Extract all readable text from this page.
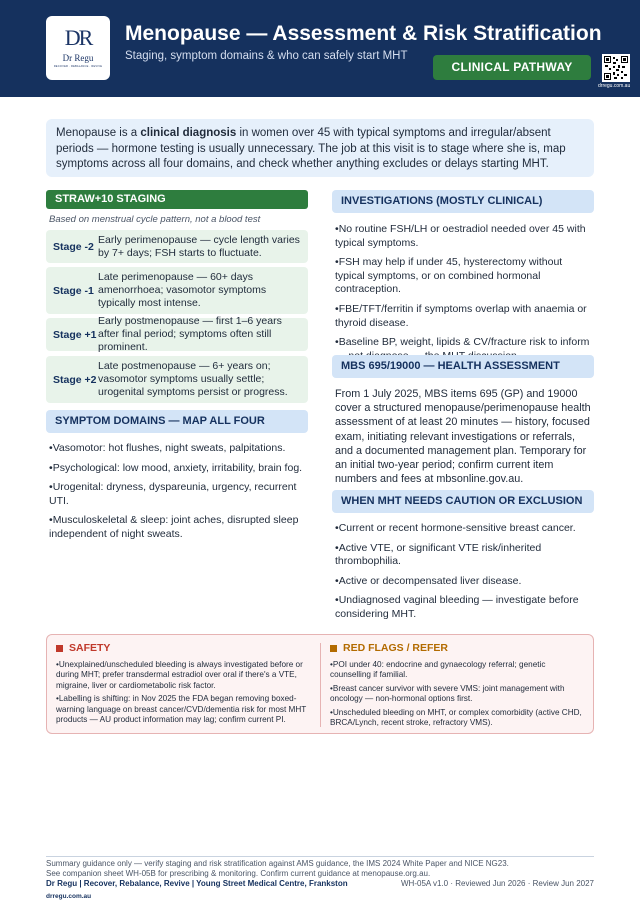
DR
Dr Regu
RECOVER · REBALANCE · REVIVE
Menopause — Assessment & Risk Stratification
Staging, symptom domains & who can safely start MHT
CLINICAL PATHWAY
drregu.com.au
Menopause is a clinical diagnosis in women over 45 with typical symptoms and irregular/absent periods — hormone testing is usually unnecessary. The job at this visit is to stage where she is, map symptoms across all four domains, and check whether anything excludes or delays starting MHT.
STRAW+10 STAGING
Based on menstrual cycle pattern, not a blood test
Stage -2
Early perimenopause — cycle length varies by 7+ days; FSH starts to fluctuate.
Stage -1
Late perimenopause — 60+ days amenorrhoea; vasomotor symptoms typically most intense.
Stage +1
Early postmenopause — first 1–6 years after final period; symptoms often still prominent.
Stage +2
Late postmenopause — 6+ years on; vasomotor symptoms usually settle; urogenital symptoms persist or progress.
SYMPTOM DOMAINS — MAP ALL FOUR
• Vasomotor: hot flushes, night sweats, palpitations.
• Psychological: low mood, anxiety, irritability, brain fog.
• Urogenital: dryness, dyspareunia, urgency, recurrent UTI.
• Musculoskeletal & sleep: joint aches, disrupted sleep independent of night sweats.
INVESTIGATIONS (MOSTLY CLINICAL)
• No routine FSH/LH or oestradiol needed over 45 with typical symptoms.
• FSH may help if under 45, hysterectomy without typical symptoms, or on combined hormonal contraception.
• FBE/TFT/ferritin if symptoms overlap with anaemia or thyroid disease.
• Baseline BP, weight, lipids & CV/fracture risk to inform
MBS 695/19000 — HEALTH ASSESSMENT
From 1 July 2025, MBS items 695 (GP) and 19000 cover a structured menopause/perimenopause health assessment of at least 20 minutes — history, focused exam, initiating relevant investigations or referrals, and a documented management plan. Temporary for an initial two-year period; confirm current item numbers and fees at mbsonline.gov.au.
WHEN MHT NEEDS CAUTION OR EXCLUSION
• Current or recent hormone-sensitive breast cancer.
• Active VTE, or significant VTE risk/inherited thrombophilia.
• Active or decompensated liver disease.
• Undiagnosed vaginal bleeding — investigate before considering MHT.
SAFETY
• Unexplained/unscheduled bleeding is always investigated before or during MHT; prefer transdermal estradiol over oral if there's a VTE, migraine, liver or cardiometabolic risk factor.
• Labelling is shifting: in Nov 2025 the FDA began removing boxed-warning language on breast cancer/CVD/dementia risk for most MHT products — AU product information may lag; confirm current PI.
RED FLAGS / REFER
• POI under 40: endocrine and gynaecology referral; genetic counselling if familial.
• Breast cancer survivor with severe VMS: joint management with oncology — non-hormonal options first.
• Unscheduled bleeding on MHT, or complex comorbidity (active CHD, BRCA/Lynch, recent stroke, refractory VMS).
Summary guidance only — verify staging and risk stratification against AMS guidance, the IMS 2024 White Paper and NICE NG23.
See companion sheet WH-05B for prescribing & monitoring. Confirm current guidance at menopause.org.au.
Dr Regu | Recover, Rebalance, Revive | Young Street Medical Centre, Frankston	WH-05A v1.0 · Reviewed Jun 2026 · Review Jun 2027
drregu.com.au
